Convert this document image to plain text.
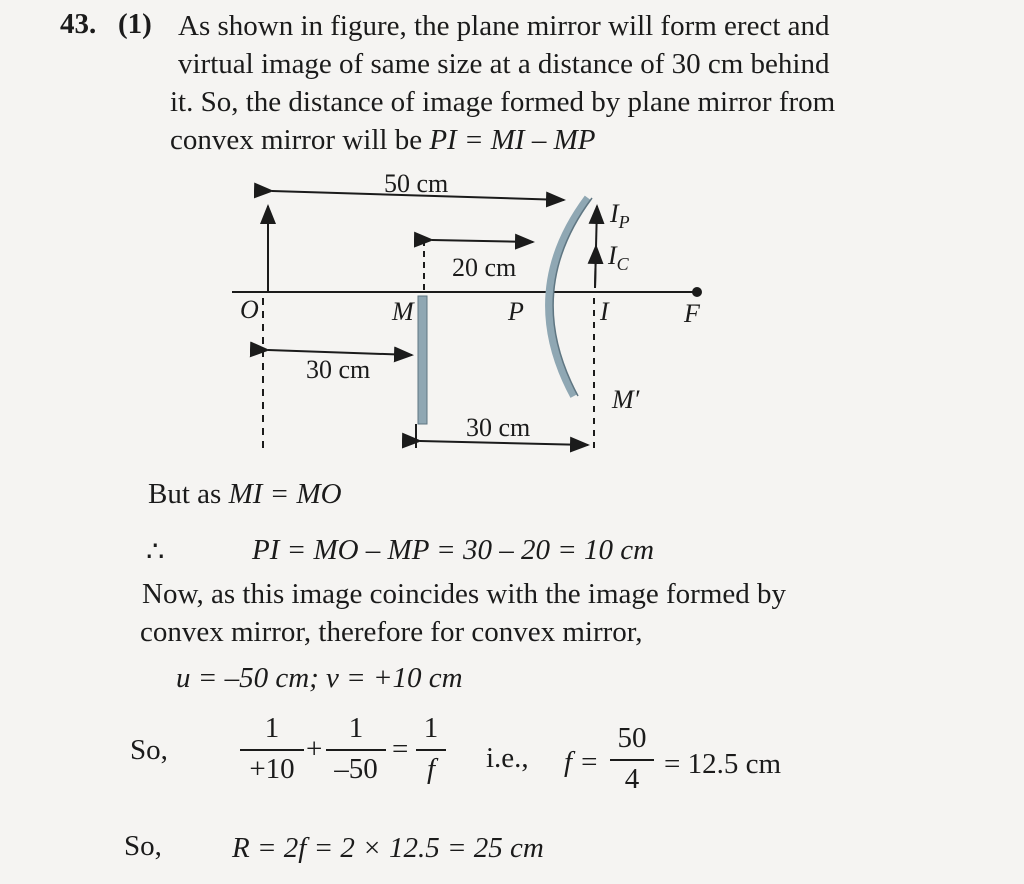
43. (1) As shown in figure, the plane mirror will form erect and
virtual image of same size at a distance of 30 cm behind
it. So, the distance of image formed by plane mirror from
convex mirror will be PI = MI – MP
50 cm
20 cm
30 cm
30 cm
O	M	P	I	F
M′
$I_P$
$I_C$
But as MI = MO
∴	PI = MO – MP = 30 – 20 = 10 cm
Now, as this image coincides with the image formed by
convex mirror, therefore for convex mirror,
u = –50 cm; v = +10 cm
So,
1
+10
+
1
–50
=
1
f	i.e., f =
50
4 = 12.5 cm
So, R = 2f = 2 × 12.5 = 25 cm
